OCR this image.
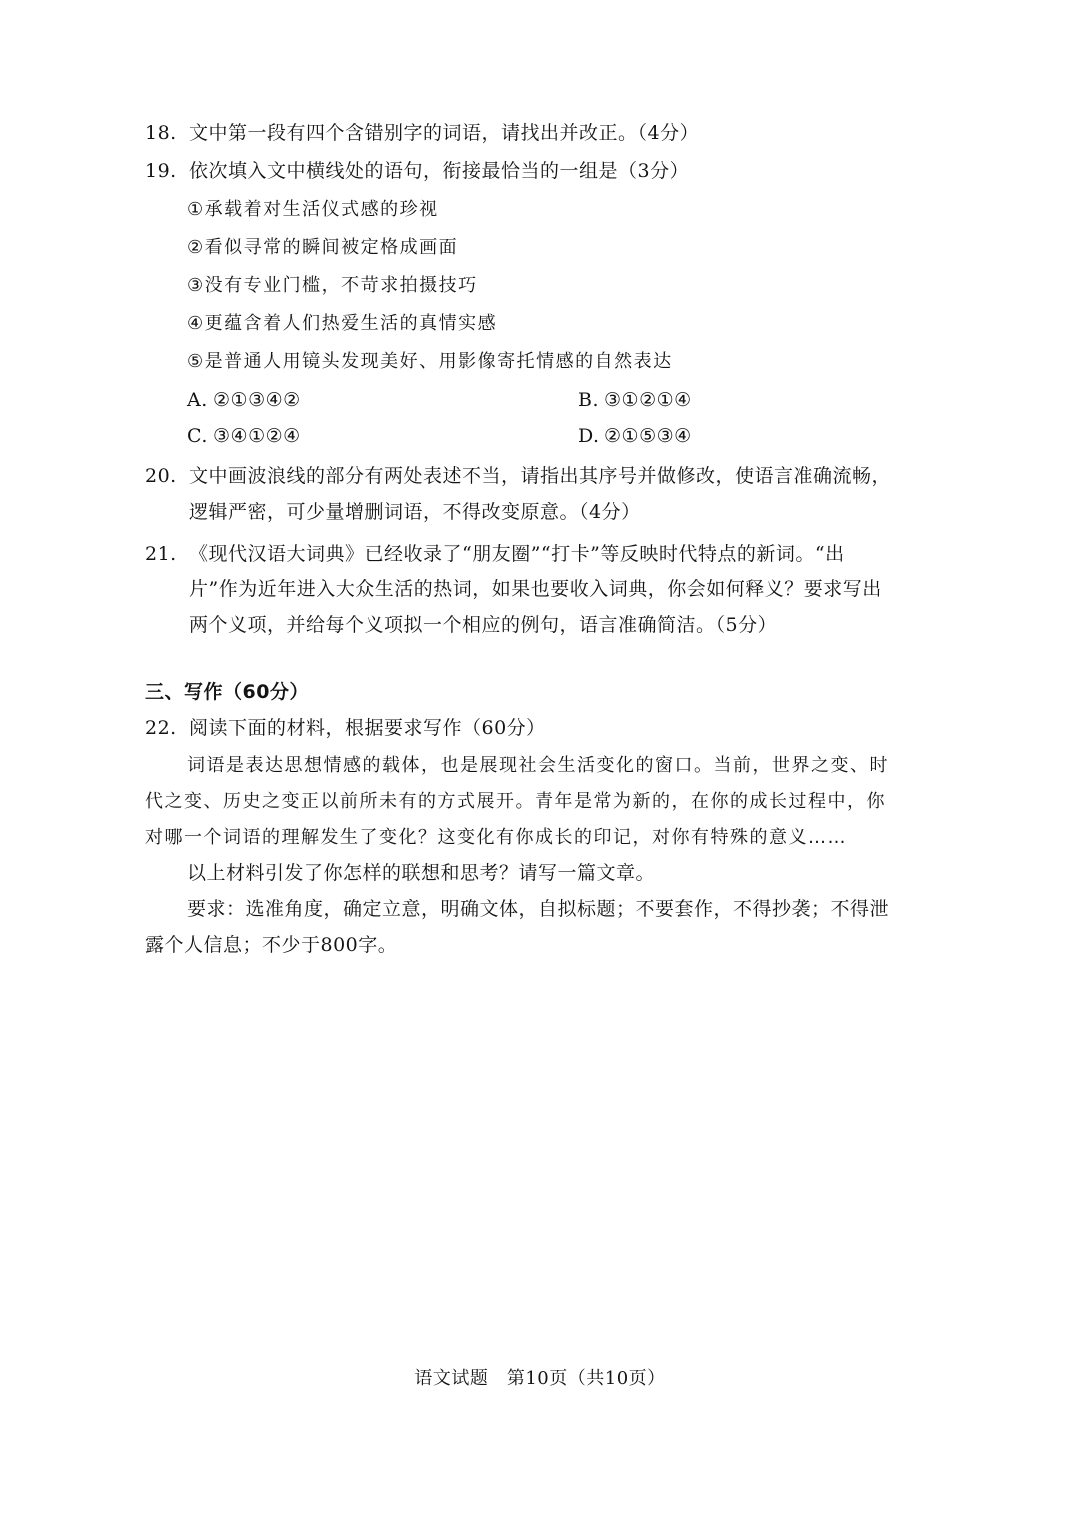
18. 文中第一段有四个含错别字的词语，请找出并改正。（4分）
19. 依次填入文中横线处的语句，衔接最恰当的一组是（3分）
①承载着对生活仪式感的珍视
②看似寻常的瞬间被定格成画面
③没有专业门槛，不苛求拍摄技巧
④更蕴含着人们热爱生活的真情实感
⑤是普通人用镜头发现美好、用影像寄托情感的自然表达
A. ②①③④②	B. ③①②①④
C. ③④①②④	D. ②①⑤③④
20. 文中画波浪线的部分有两处表述不当，请指出其序号并做修改，使语言准确流畅，
逻辑严密，可少量增删词语，不得改变原意。（4分）
21. 《现代汉语大词典》已经收录了“朋友圈”“打卡”等反映时代特点的新词。“出
片”作为近年进入大众生活的热词，如果也要收入词典，你会如何释义？要求写出
两个义项，并给每个义项拟一个相应的例句，语言准确简洁。（5分）
三、写作（60分）
22. 阅读下面的材料，根据要求写作（60分）
词语是表达思想情感的载体，也是展现社会生活变化的窗口。当前，世界之变、时
代之变、历史之变正以前所未有的方式展开。青年是常为新的，在你的成长过程中，你
对哪一个词语的理解发生了变化？这变化有你成长的印记，对你有特殊的意义……
以上材料引发了你怎样的联想和思考？请写一篇文章。
要求：选准角度，确定立意，明确文体，自拟标题；不要套作，不得抄袭；不得泄
露个人信息；不少于800字。
语文试题　第10页（共10页）
